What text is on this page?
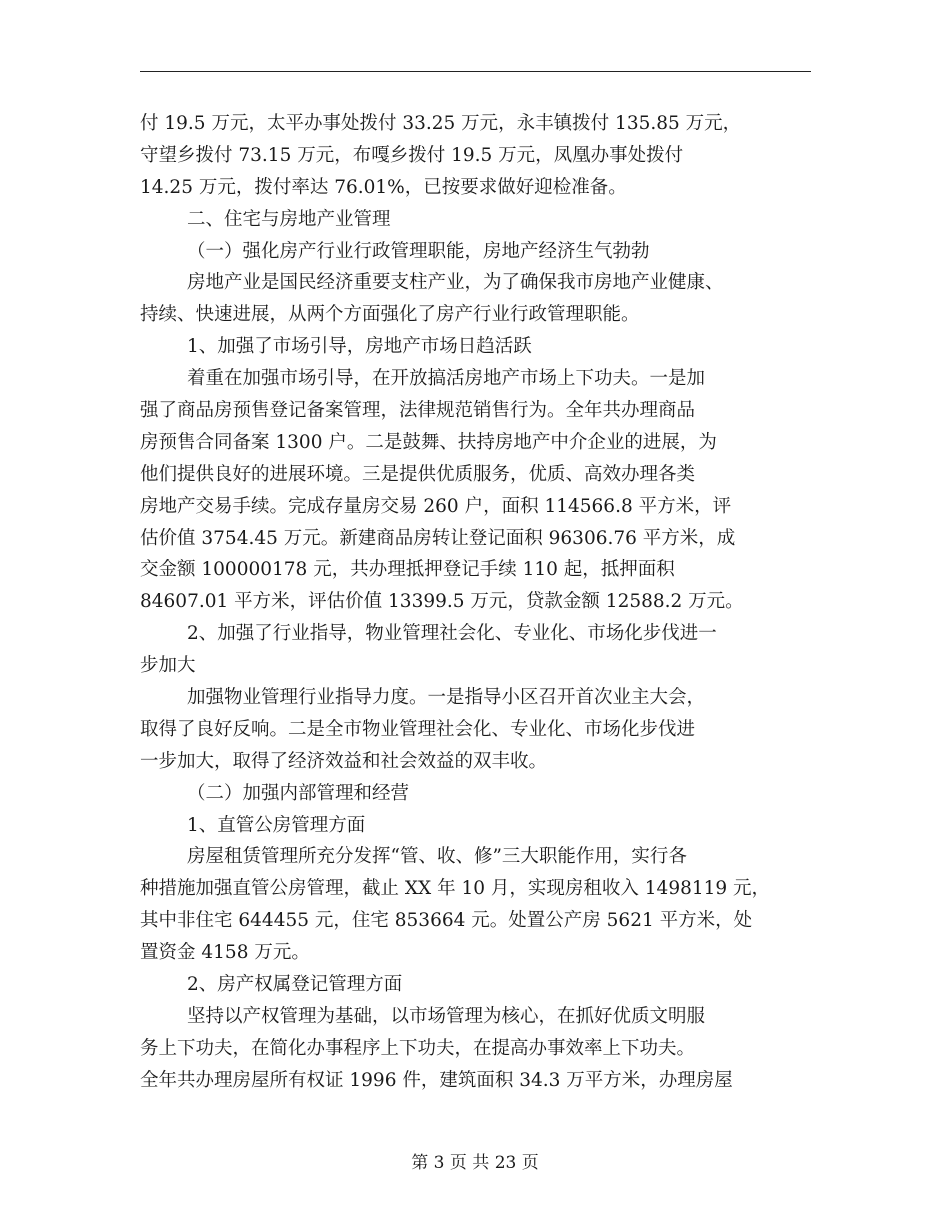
付 19.5 万元，太平办事处拨付 33.25 万元，永丰镇拨付 135.85 万元，
守望乡拨付 73.15 万元，布嘎乡拨付 19.5 万元，凤凰办事处拨付
14.25 万元，拨付率达 76.01%，已按要求做好迎检准备。
二、住宅与房地产业管理
（一）强化房产行业行政管理职能，房地产经济生气勃勃
房地产业是国民经济重要支柱产业，为了确保我市房地产业健康、
持续、快速进展，从两个方面强化了房产行业行政管理职能。
1、加强了市场引导，房地产市场日趋活跃
着重在加强市场引导，在开放搞活房地产市场上下功夫。一是加
强了商品房预售登记备案管理，法律规范销售行为。全年共办理商品
房预售合同备案 1300 户。二是鼓舞、扶持房地产中介企业的进展，为
他们提供良好的进展环境。三是提供优质服务，优质、高效办理各类
房地产交易手续。完成存量房交易 260 户，面积 114566.8 平方米，评
估价值 3754.45 万元。新建商品房转让登记面积 96306.76 平方米，成
交金额 100000178 元，共办理抵押登记手续 110 起，抵押面积
84607.01 平方米，评估价值 13399.5 万元，贷款金额 12588.2 万元。
2、加强了行业指导，物业管理社会化、专业化、市场化步伐进一
步加大
加强物业管理行业指导力度。一是指导小区召开首次业主大会，
取得了良好反响。二是全市物业管理社会化、专业化、市场化步伐进
一步加大，取得了经济效益和社会效益的双丰收。
（二）加强内部管理和经营
1、直管公房管理方面
房屋租赁管理所充分发挥“管、收、修”三大职能作用，实行各
种措施加强直管公房管理，截止 XX 年 10 月，实现房租收入 1498119 元，
其中非住宅 644455 元，住宅 853664 元。处置公产房 5621 平方米，处
置资金 4158 万元。
2、房产权属登记管理方面
坚持以产权管理为基础，以市场管理为核心，在抓好优质文明服
务上下功夫，在简化办事程序上下功夫，在提高办事效率上下功夫。
全年共办理房屋所有权证 1996 件，建筑面积 34.3 万平方米，办理房屋
第 3 页 共 23 页
